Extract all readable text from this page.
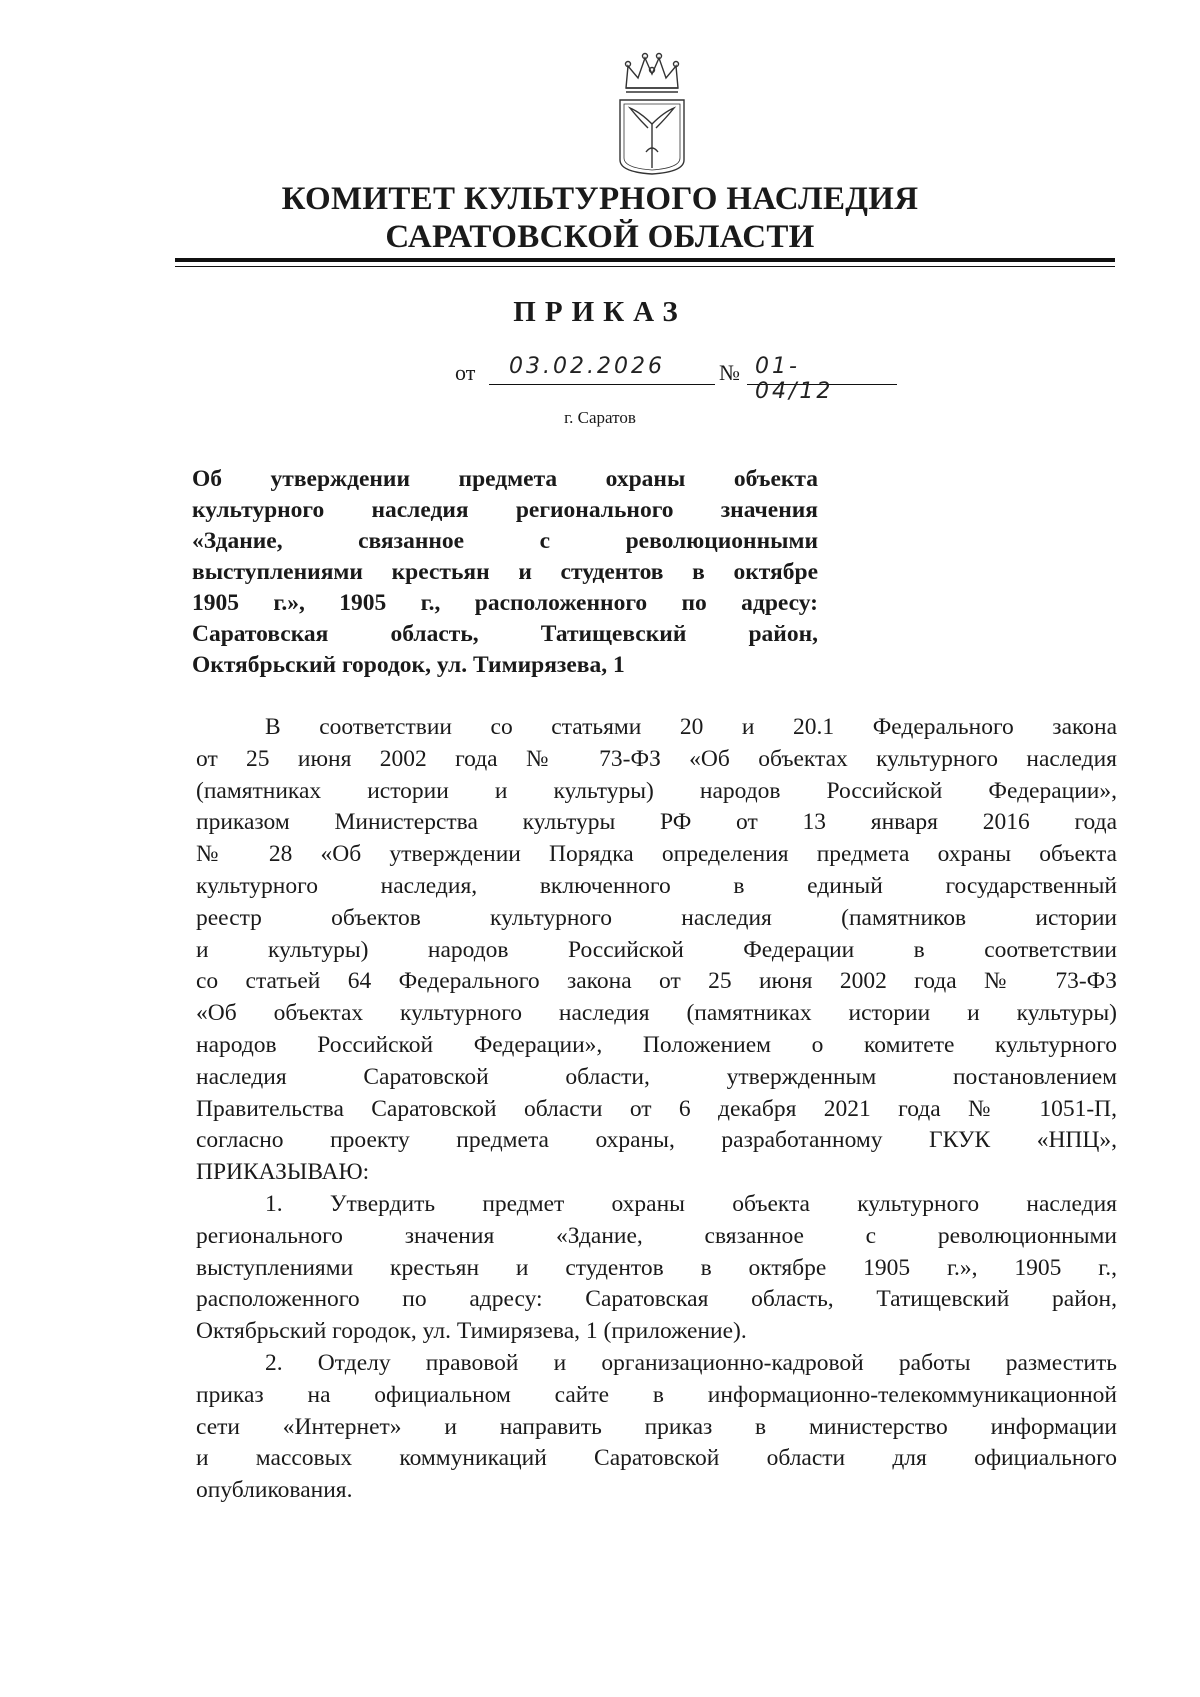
КОМИТЕТ КУЛЬТУРНОГО НАСЛЕДИЯ
САРАТОВСКОЙ ОБЛАСТИ
ПРИКАЗ
от 03.02.2026 № 01-04/12
г. Саратов
Об утверждении предмета охраны объекта
культурного наследия регионального значения
«Здание, связанное с революционными
выступлениями крестьян и студентов в октябре
1905 г.», 1905 г., расположенного по адресу:
Саратовская область, Татищевский район,
Октябрьский городок, ул. Тимирязева, 1
В соответствии со статьями 20 и 20.1 Федерального закона
от 25 июня 2002 года № 73-ФЗ «Об объектах культурного наследия
(памятниках истории и культуры) народов Российской Федерации»,
приказом Министерства культуры РФ от 13 января 2016 года
№ 28 «Об утверждении Порядка определения предмета охраны объекта
культурного наследия, включенного в единый государственный
реестр объектов культурного наследия (памятников истории
и культуры) народов Российской Федерации в соответствии
со статьей 64 Федерального закона от 25 июня 2002 года № 73-ФЗ
«Об объектах культурного наследия (памятниках истории и культуры)
народов Российской Федерации», Положением о комитете культурного
наследия Саратовской области, утвержденным постановлением
Правительства Саратовской области от 6 декабря 2021 года № 1051-П,
согласно проекту предмета охраны, разработанному ГКУК «НПЦ»,
ПРИКАЗЫВАЮ:
1. Утвердить предмет охраны объекта культурного наследия
регионального значения «Здание, связанное с революционными
выступлениями крестьян и студентов в октябре 1905 г.», 1905 г.,
расположенного по адресу: Саратовская область, Татищевский район,
Октябрьский городок, ул. Тимирязева, 1 (приложение).
2. Отделу правовой и организационно-кадровой работы разместить
приказ на официальном сайте в информационно-телекоммуникационной
сети «Интернет» и направить приказ в министерство информации
и массовых коммуникаций Саратовской области для официального
опубликования.
